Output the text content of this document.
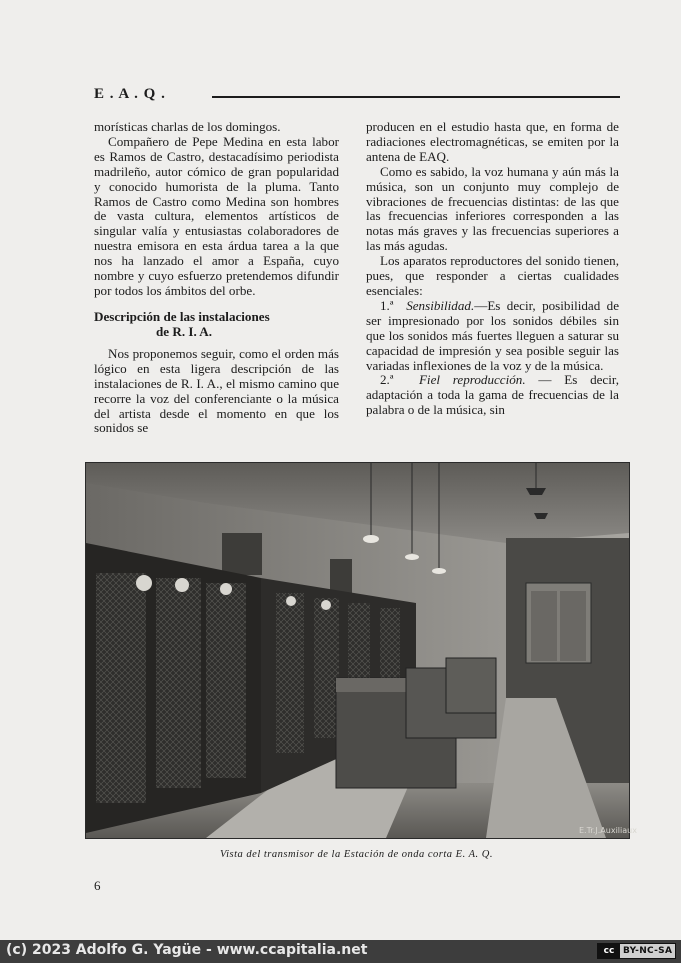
E . A . Q .

morísticas charlas de los domingos.

Compañero de Pepe Medina en esta labor es Ramos de Castro, destacadísimo periodista madrileño, autor cómico de gran popularidad y conocido humorista de la pluma. Tanto Ramos de Castro como Medina son hombres de vasta cultura, elementos artísticos de singular valía y entusiastas colaboradores de nuestra emisora en esta árdua tarea a la que nos ha lanzado el amor a España, cuyo nombre y cuyo esfuerzo pretendemos difundir por todos los ámbitos del orbe.

Descripción de las instalaciones
de R. I. A.

Nos proponemos seguir, como el orden más lógico en esta ligera descripción de las instalaciones de R. I. A., el mismo camino que recorre la voz del conferenciante o la música del artista desde el momento en que los sonidos se

producen en el estudio hasta que, en forma de radiaciones electromagnéticas, se emiten por la antena de EAQ.

Como es sabido, la voz humana y aún más la música, son un conjunto muy complejo de vibraciones de frecuencias distintas: de las que las frecuencias inferiores corresponden a las notas más graves y las frecuencias superiores a las más agudas.

Los aparatos reproductores del sonido tienen, pues, que responder a ciertas cualidades esenciales:

1.ª Sensibilidad.—Es decir, posibilidad de ser impresionado por los sonidos débiles sin que los sonidos más fuertes lleguen a saturar su capacidad de impresión y sea posible seguir las variadas inflexiones de la voz y de la música.

2.ª Fiel reproducción. — Es decir, adaptación a toda la gama de frecuencias de la palabra o de la música, sin

E.Tr.J.Auxiliaux
Vista del transmisor de la Estación de onda corta E. A. Q.
6
(c) 2023 Adolfo G. Yagüe - www.ccapitalia.net	cc BY-NC-SA
